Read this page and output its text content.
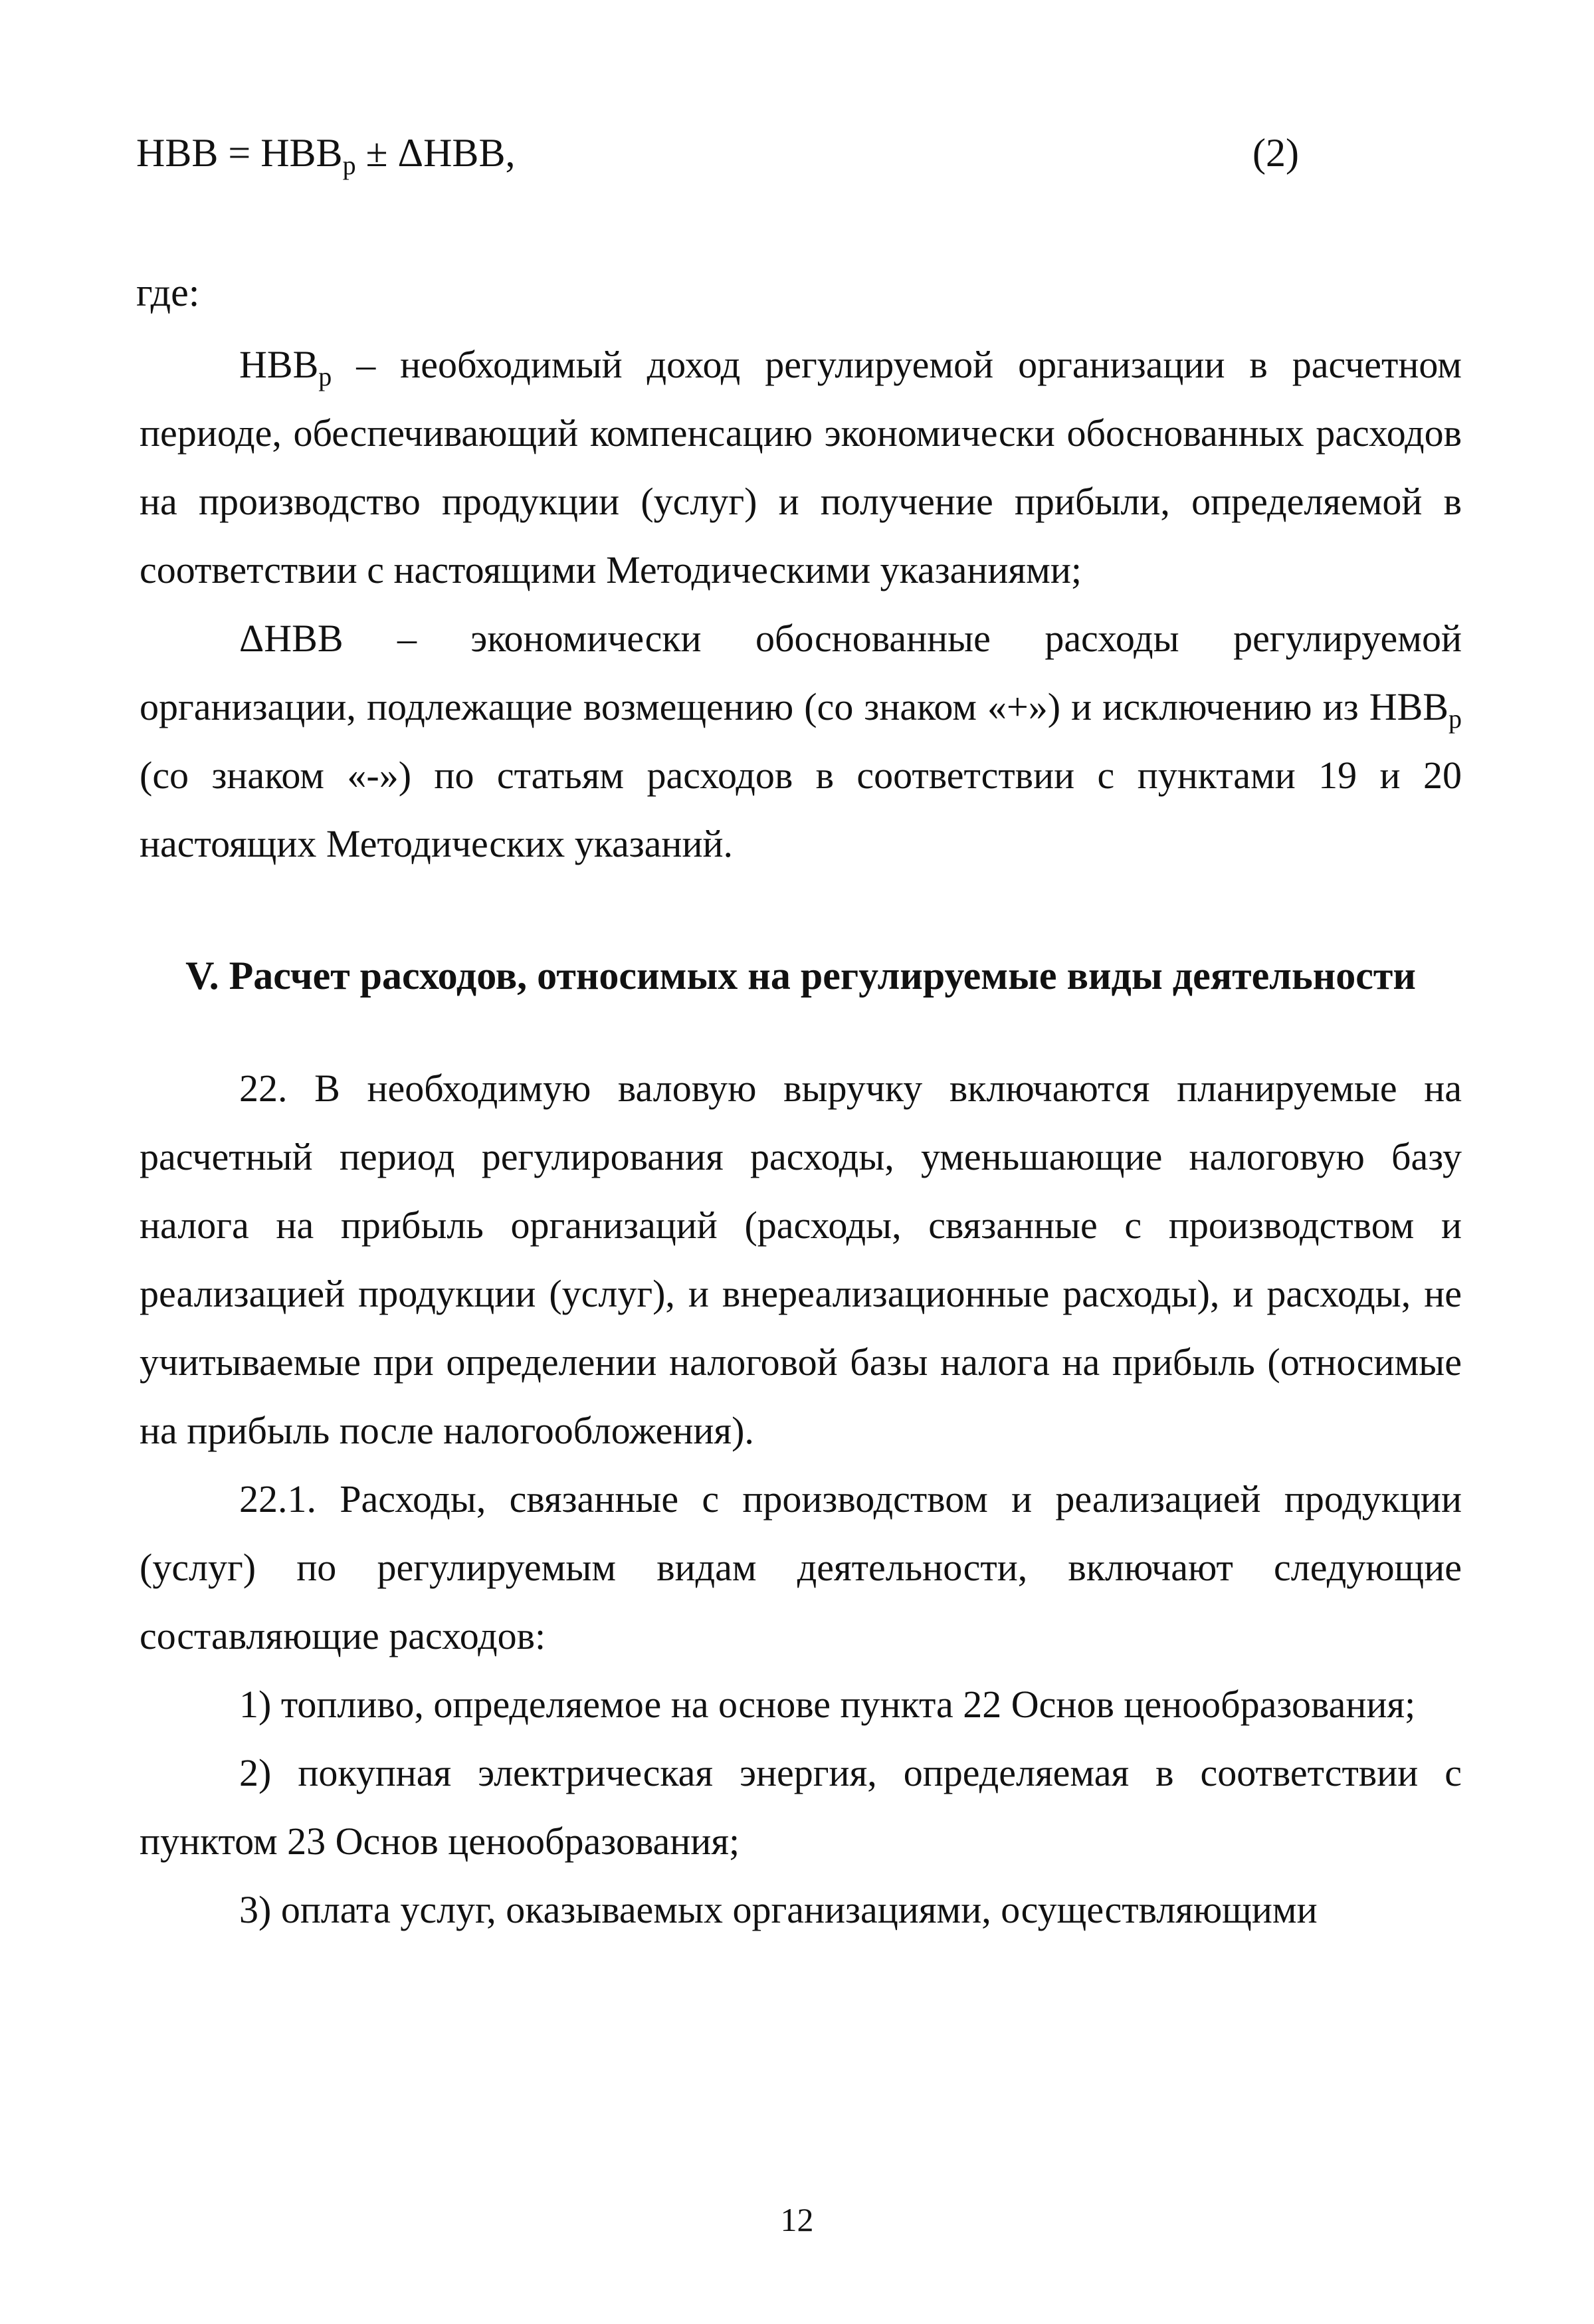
НВВ = $НВВ_р \pm \Delta НВВ$,	(2)
где:

$НВВ_р$ – необходимый доход регулируемой организации в расчетном периоде, обеспечивающий компенсацию экономически обоснованных расходов на производство продукции (услуг) и получение прибыли, определяемой в соответствии с настоящими Методическими указаниями;

ΔНВВ – экономически обоснованные расходы регулируемой организации, подлежащие возмещению (со знаком «+») и исключению из $НВВ_р$ (со знаком «-») по статьям расходов в соответствии с пунктами 19 и 20 настоящих Методических указаний.

V. Расчет расходов, относимых на регулируемые виды деятельности

22. В необходимую валовую выручку включаются планируемые на расчетный период регулирования расходы, уменьшающие налоговую базу налога на прибыль организаций (расходы, связанные с производством и реализацией продукции (услуг), и внереализационные расходы), и расходы, не учитываемые при определении налоговой базы налога на прибыль (относимые на прибыль после налогообложения).

22.1. Расходы, связанные с производством и реализацией продукции (услуг) по регулируемым видам деятельности, включают следующие составляющие расходов:

1) топливо, определяемое на основе пункта 22 Основ ценообразования;

2) покупная электрическая энергия, определяемая в соответствии с пунктом 23 Основ ценообразования;

3) оплата услуг, оказываемых организациями, осуществляющими

12
